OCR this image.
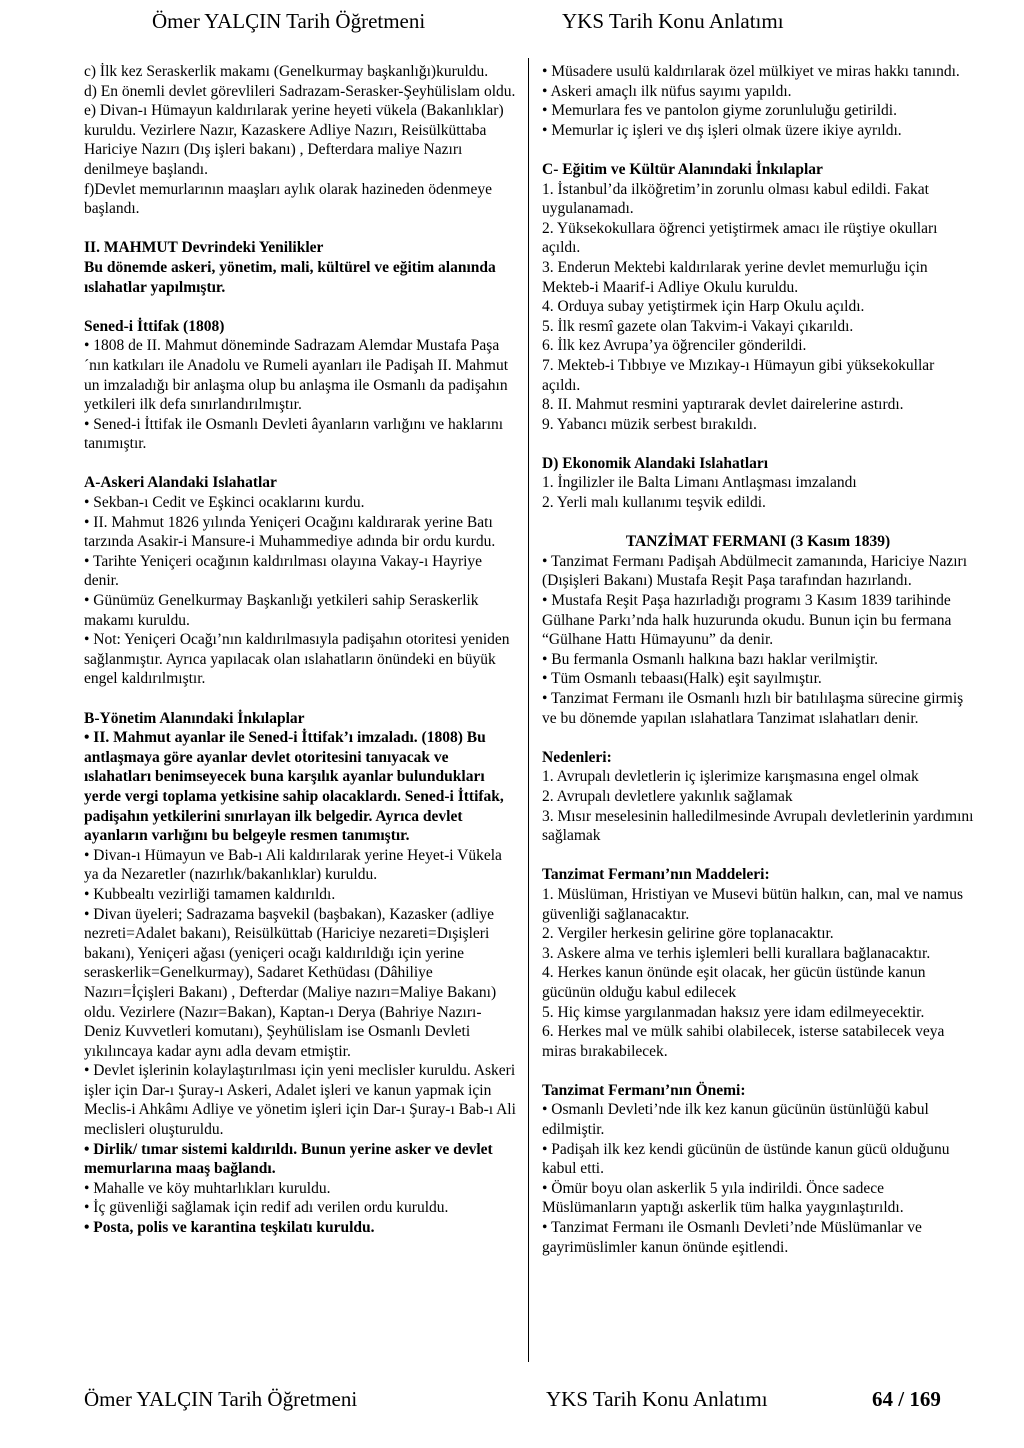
Ömer YALÇIN Tarih Öğretmeni	YKS Tarih Konu Anlatımı

c) İlk kez Seraskerlik makamı (Genelkurmay başkanlığı)kuruldu.

d) En önemli devlet görevlileri Sadrazam-Serasker-Şeyhülislam oldu.

e) Divan-ı Hümayun kaldırılarak yerine heyeti vükela (Bakanlıklar) kuruldu. Vezirlere Nazır, Kazaskere Adliye Nazırı, Reisülküttaba Hariciye Nazırı (Dış işleri bakanı) , Defterdara maliye Nazırı denilmeye başlandı.

f)Devlet memurlarının maaşları aylık olarak hazineden ödenmeye başlandı.

II. MAHMUT Devrindeki Yenilikler

Bu dönemde askeri, yönetim, mali, kültürel ve eğitim alanında ıslahatlar yapılmıştır.

Sened-i İttifak (1808)

• 1808 de II. Mahmut döneminde Sadrazam Alemdar Mustafa Paşa´nın katkıları ile Anadolu ve Rumeli ayanları ile Padişah II. Mahmut un imzaladığı bir anlaşma olup bu anlaşma ile Osmanlı da padişahın yetkileri ilk defa sınırlandırılmıştır.

• Sened-i İttifak ile Osmanlı Devleti âyanların varlığını ve haklarını tanımıştır.

A-Askeri Alandaki Islahatlar

• Sekban-ı Cedit ve Eşkinci ocaklarını kurdu.

• II. Mahmut 1826 yılında Yeniçeri Ocağını kaldırarak yerine Batı tarzında Asakir-i Mansure-i Muhammediye adında bir ordu kurdu.

• Tarihte Yeniçeri ocağının kaldırılması olayına Vakay-ı Hayriye denir.

• Günümüz Genelkurmay Başkanlığı yetkileri sahip Seraskerlik makamı kuruldu.

• Not: Yeniçeri Ocağı’nın kaldırılmasıyla padişahın otoritesi yeniden sağlanmıştır. Ayrıca yapılacak olan ıslahatların önündeki en büyük engel kaldırılmıştır.

B-Yönetim Alanındaki İnkılaplar

• II. Mahmut ayanlar ile Sened-i İttifak’ı imzaladı. (1808) Bu antlaşmaya göre ayanlar devlet otoritesini tanıyacak ve ıslahatları benimseyecek buna karşılık ayanlar bulundukları yerde vergi toplama yetkisine sahip olacaklardı. Sened-i İttifak, padişahın yetkilerini sınırlayan ilk belgedir. Ayrıca devlet ayanların varlığını bu belgeyle resmen tanımıştır.

• Divan-ı Hümayun ve Bab-ı Ali kaldırılarak yerine Heyet-i Vükela ya da Nezaretler (nazırlık/bakanlıklar) kuruldu.

• Kubbealtı vezirliği tamamen kaldırıldı.

• Divan üyeleri; Sadrazama başvekil (başbakan), Kazasker (adliye nezreti=Adalet bakanı), Reisülküttab (Hariciye nezareti=Dışişleri bakanı), Yeniçeri ağası (yeniçeri ocağı kaldırıldığı için yerine seraskerlik=Genelkurmay), Sadaret Kethüdası (Dâhiliye Nazırı=İçişleri Bakanı) , Defterdar (Maliye nazırı=Maliye Bakanı) oldu. Vezirlere (Nazır=Bakan), Kaptan-ı Derya (Bahriye Nazırı-Deniz Kuvvetleri komutanı), Şeyhülislam ise Osmanlı Devleti yıkılıncaya kadar aynı adla devam etmiştir.

• Devlet işlerinin kolaylaştırılması için yeni meclisler kuruldu. Askeri işler için Dar-ı Şuray-ı Askeri, Adalet işleri ve kanun yapmak için Meclis-i Ahkâmı Adliye ve yönetim işleri için Dar-ı Şuray-ı Bab-ı Ali meclisleri oluşturuldu.

• Dirlik/ tımar sistemi kaldırıldı. Bunun yerine asker ve devlet memurlarına maaş bağlandı.

• Mahalle ve köy muhtarlıkları kuruldu.

• İç güvenliği sağlamak için redif adı verilen ordu kuruldu.

• Posta, polis ve karantina teşkilatı kuruldu.

• Müsadere usulü kaldırılarak özel mülkiyet ve miras hakkı tanındı.

• Askeri amaçlı ilk nüfus sayımı yapıldı.

• Memurlara fes ve pantolon giyme zorunluluğu getirildi.

• Memurlar iç işleri ve dış işleri olmak üzere ikiye ayrıldı.

C- Eğitim ve Kültür Alanındaki İnkılaplar

1. İstanbul’da ilköğretim’in zorunlu olması kabul edildi. Fakat uygulanamadı.

2. Yüksekokullara öğrenci yetiştirmek amacı ile rüştiye okulları açıldı.

3. Enderun Mektebi kaldırılarak yerine devlet memurluğu için Mekteb-i Maarif-i Adliye Okulu kuruldu.

4. Orduya subay yetiştirmek için Harp Okulu açıldı.

5. İlk resmî gazete olan Takvim-i Vakayi çıkarıldı.

6. İlk kez Avrupa’ya öğrenciler gönderildi.

7. Mekteb-i Tıbbıye ve Mızıkay-ı Hümayun gibi yüksekokullar açıldı.

8. II. Mahmut resmini yaptırarak devlet dairelerine astırdı.

9. Yabancı müzik serbest bırakıldı.

D) Ekonomik Alandaki Islahatları

1. İngilizler ile Balta Limanı Antlaşması imzalandı

2. Yerli malı kullanımı teşvik edildi.

TANZİMAT FERMANI (3 Kasım 1839)

• Tanzimat Fermanı Padişah Abdülmecit zamanında, Hariciye Nazırı (Dışişleri Bakanı) Mustafa Reşit Paşa tarafından hazırlandı.

• Mustafa Reşit Paşa hazırladığı programı 3 Kasım 1839 tarihinde Gülhane Parkı’nda halk huzurunda okudu. Bunun için bu fermana “Gülhane Hattı Hümayunu” da denir.

• Bu fermanla Osmanlı halkına bazı haklar verilmiştir.

• Tüm Osmanlı tebaası(Halk) eşit sayılmıştır.

• Tanzimat Fermanı ile Osmanlı hızlı bir batılılaşma sürecine girmiş ve bu dönemde yapılan ıslahatlara Tanzimat ıslahatları denir.

Nedenleri:

1. Avrupalı devletlerin iç işlerimize karışmasına engel olmak

2. Avrupalı devletlere yakınlık sağlamak

3. Mısır meselesinin halledilmesinde Avrupalı devletlerinin yardımını sağlamak

Tanzimat Fermanı’nın Maddeleri:

1. Müslüman, Hristiyan ve Musevi bütün halkın, can, mal ve namus güvenliği sağlanacaktır.

2. Vergiler herkesin gelirine göre toplanacaktır.

3. Askere alma ve terhis işlemleri belli kurallara bağlanacaktır.

4. Herkes kanun önünde eşit olacak, her gücün üstünde kanun gücünün olduğu kabul edilecek

5. Hiç kimse yargılanmadan haksız yere idam edilmeyecektir.

6. Herkes mal ve mülk sahibi olabilecek, isterse satabilecek veya miras bırakabilecek.

Tanzimat Fermanı’nın Önemi:

• Osmanlı Devleti’nde ilk kez kanun gücünün üstünlüğü kabul edilmiştir.

• Padişah ilk kez kendi gücünün de üstünde kanun gücü olduğunu kabul etti.

• Ömür boyu olan askerlik 5 yıla indirildi. Önce sadece Müslümanların yaptığı askerlik tüm halka yaygınlaştırıldı.

• Tanzimat Fermanı ile Osmanlı Devleti’nde Müslümanlar ve gayrimüslimler kanun önünde eşitlendi.

Ömer YALÇIN Tarih Öğretmeni	YKS Tarih Konu Anlatımı	64 / 169
